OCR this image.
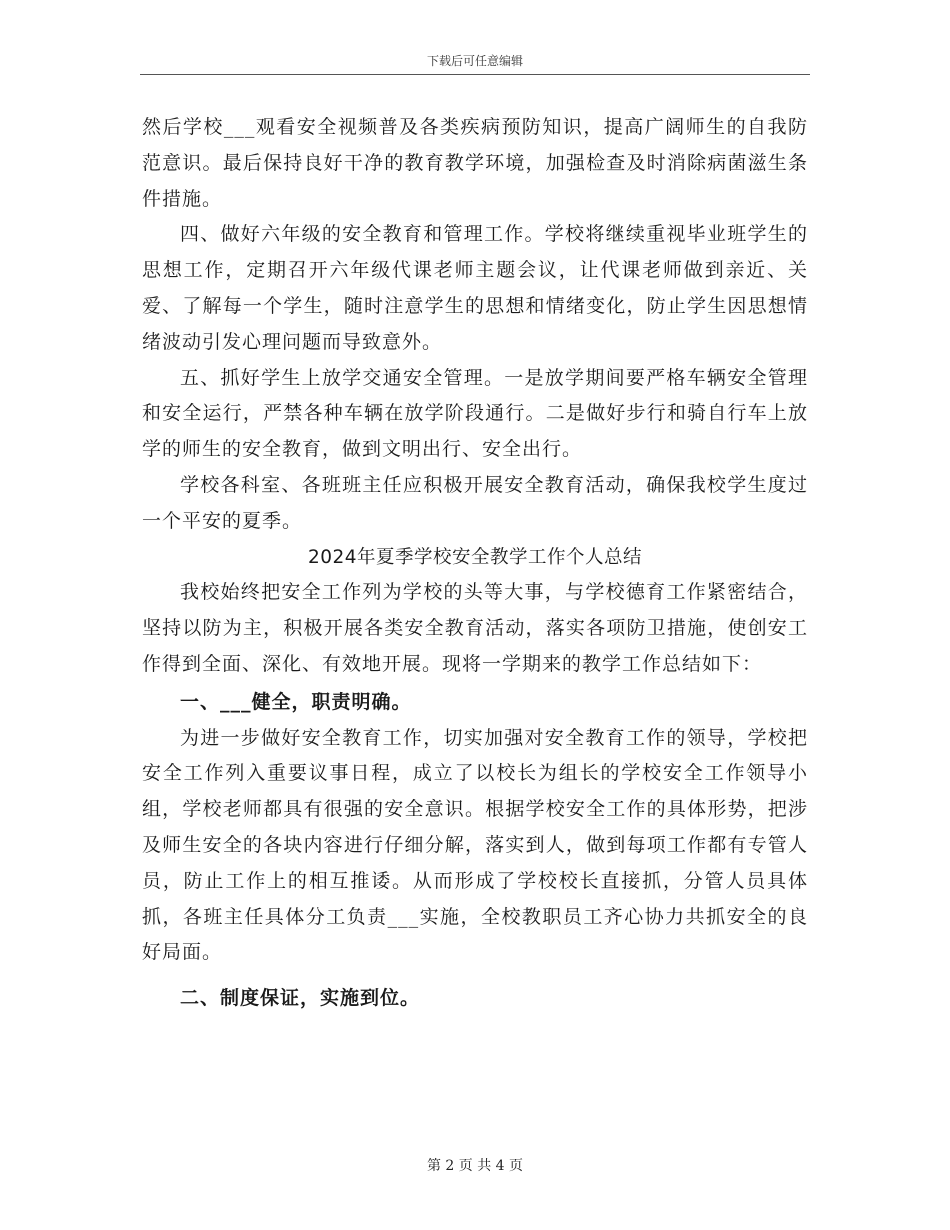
下载后可任意编辑

然后学校___观看安全视频普及各类疾病预防知识，提高广阔师生的自我防范意识。最后保持良好干净的教育教学环境，加强检查及时消除病菌滋生条件措施。

四、做好六年级的安全教育和管理工作。学校将继续重视毕业班学生的思想工作，定期召开六年级代课老师主题会议，让代课老师做到亲近、关爱、了解每一个学生，随时注意学生的思想和情绪变化，防止学生因思想情绪波动引发心理问题而导致意外。

五、抓好学生上放学交通安全管理。一是放学期间要严格车辆安全管理和安全运行，严禁各种车辆在放学阶段通行。二是做好步行和骑自行车上放学的师生的安全教育，做到文明出行、安全出行。

学校各科室、各班班主任应积极开展安全教育活动，确保我校学生度过一个平安的夏季。

2024年夏季学校安全教学工作个人总结

我校始终把安全工作列为学校的头等大事，与学校德育工作紧密结合，坚持以防为主，积极开展各类安全教育活动，落实各项防卫措施，使创安工作得到全面、深化、有效地开展。现将一学期来的教学工作总结如下：

一、___健全，职责明确。

为进一步做好安全教育工作，切实加强对安全教育工作的领导，学校把安全工作列入重要议事日程，成立了以校长为组长的学校安全工作领导小组，学校老师都具有很强的安全意识。根据学校安全工作的具体形势，把涉及师生安全的各块内容进行仔细分解，落实到人，做到每项工作都有专管人员，防止工作上的相互推诿。从而形成了学校校长直接抓，分管人员具体抓，各班主任具体分工负责___实施，全校教职员工齐心协力共抓安全的良好局面。

二、制度保证，实施到位。
第 2 页 共 4 页
